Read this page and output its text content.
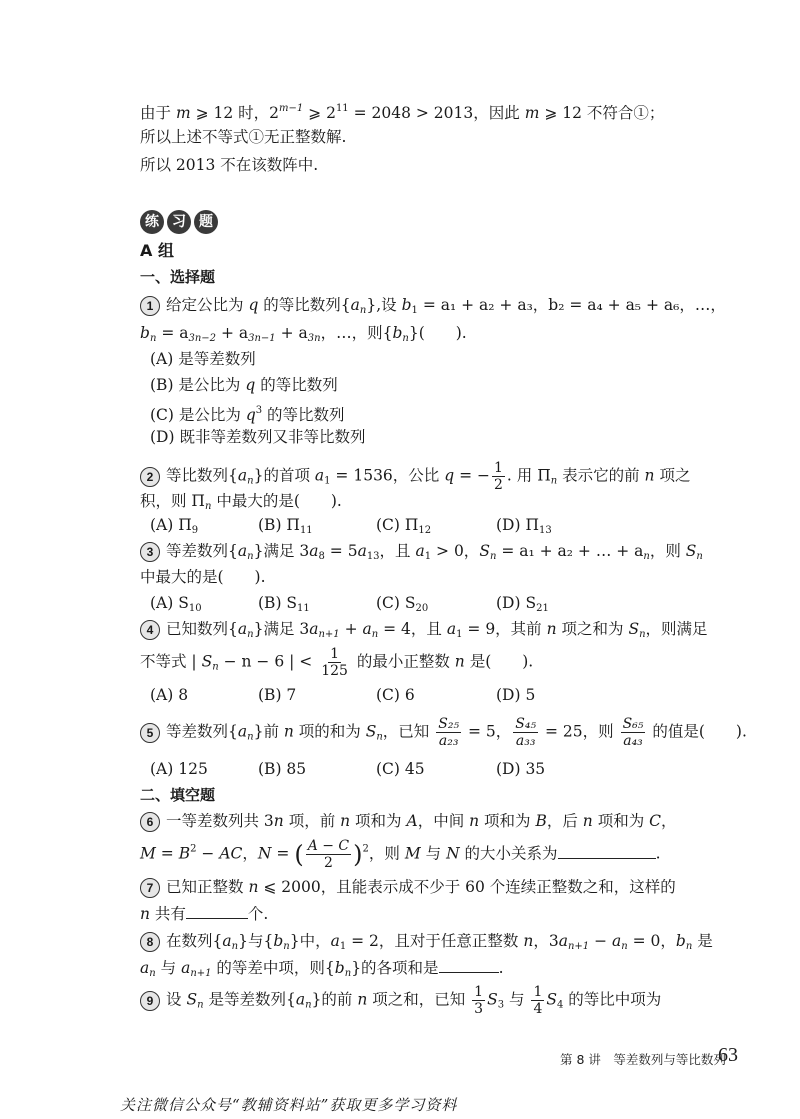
由于 m ⩾ 12 时，$2^{m-1}$ ⩾ $2^{11} = 2048 > 2013$，因此 m ⩾ 12 不符合①；
所以上述不等式①无正整数解.
所以 2013 不在该数阵中.
练 习 题
A 组
一、选择题
1 给定公比为 q 的等比数列$\{a_n\}$,设 b1 = a₁ + a₂ + a₃，b₂ = a₄ + a₅ + a₆，…，
$b_n = a_{3n-2} + a_{3n-1} + a_{3n}$，…，则$\{b_n\}$(　　).
(A) 是等差数列
(B) 是公比为 q 的等比数列
(C) 是公比为 $q^3$ 的等比数列
(D) 既非等差数列又非等比数列
2 等比数列$\{a_n\}$的首项 a1 = 1536，公比 q = − $\frac{1}{2}$ . 用 $\Pi_n$ 表示它的前 n 项之
积，则 $\Pi_n$ 中最大的是(　　).
(A) Π9	(B) Π11	(C) Π12	(D) Π13
3 等差数列$\{a_n\}$满足 3a8 = 5a13，且 a1 > 0，$S_n = a_1 + a_2$ + … + $a_n$，则 $S_n$
中最大的是(　　).
(A) S10	(B) S11	(C) S20	(D) S21
4 已知数列$\{a_n\}$满足 $3a_{n+1} + a_n = 4$，且 a1 = 9，其前 n 项之和为 $S_n$，则满足
不等式 | $S_n - n - 6$ | < $\frac{1}{125}$ 的最小正整数 n 是(　　).
(A) 8	(B) 7	(C) 6	(D) 5
5 等差数列$\{a_n\}$前 n 项的和为 $S_n$，已知 $\frac{\text{S₂₅}}{\text{a₂₃}} = 5$， $\frac{\text{S₄₅}}{\text{a₃₃}} = 25$，则 $\frac{\text{S₆₅}}{\text{a₄₃}}$ 的值是(　　).
(A) 125	(B) 85	(C) 45	(D) 35
二、填空题
6 一等差数列共 3n 项，前 n 项和为 A，中间 n 项和为 B，后 n 项和为 C，
$M = B^2$ − AC，N = ( $\frac{A - C}{2} )^2$，则 M 与 N 的大小关系为	.
7 已知正整数 n ⩽ 2000，且能表示成不少于 60 个连续正整数之和，这样的
n 共有	个.
8 在数列$\{a_n\}$与$\{b_n\}$中，a1 = 2，且对于任意正整数 n，$3a_{n+1} - a_n = 0$，$b_n$ 是
$a_n$ 与 $a_{n+1}$ 的等差中项，则$\{b_n\}$的各项和是	.
9 设 $S_n$ 是等差数列$\{a_n\}$的前 n 项之和，已知 $\frac{1}{3} S3$ 与 $\frac{1}{4} S4$ 的等比中项为
第 8 讲　等差数列与等比数列
63
关注微信公众号“教辅资料站”获取更多学习资料
